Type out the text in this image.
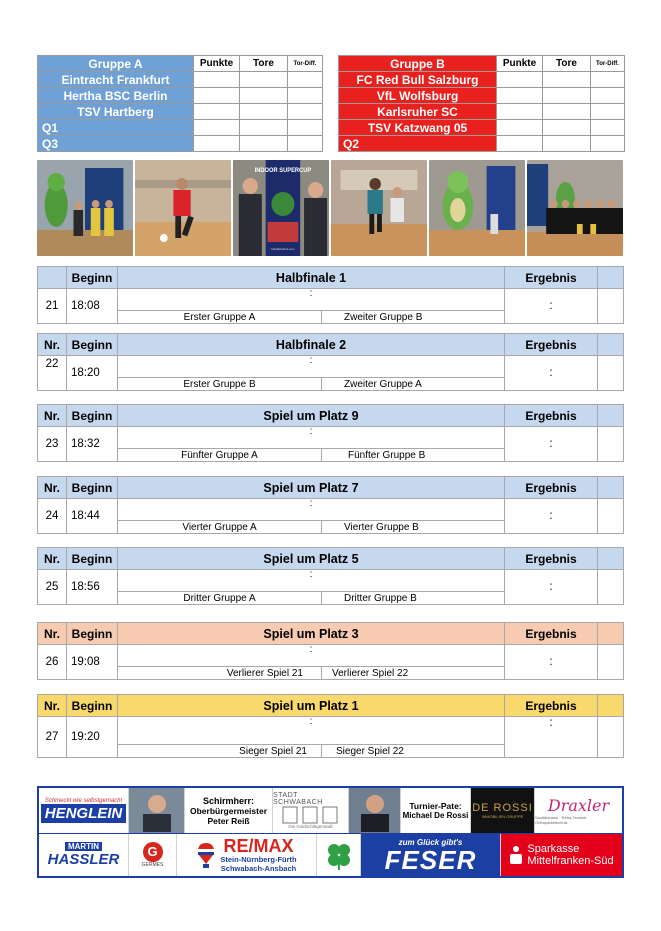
Gruppe A	Punkte	Tore	Tor-Diff.
Eintracht Frankfurt			
Hertha BSC Berlin			
TSV Hartberg			
Q1			
Q3			
Gruppe B	Punkte	Tore	Tor-Diff.
FC Red Bull Salzburg			
VfL Wolfsburg			
Karlsruher SC			
TSV Katzwang 05			
Q2			
INDOOR SUPERCUP
futballsfutrina.com
	Beginn	Halbfinale 1		Ergebnis	
21	18:08	:		:	
		Erster Gruppe A	Zweiter Gruppe B		
Nr.	Beginn	Halbfinale 2		Ergebnis	
22	18:20	:		:	
		Erster Gruppe B	Zweiter Gruppe A		
Nr.	Beginn	Spiel um Platz 9		Ergebnis	
23	18:32	:		:	
		Fünfter Gruppe A	Fünfter Gruppe B		
Nr.	Beginn	Spiel um Platz 7		Ergebnis	
24	18:44	:		:	
		Vierter Gruppe A	Vierter Gruppe B		
Nr.	Beginn	Spiel um Platz 5		Ergebnis	
25	18:56	:		:	
		Dritter Gruppe A	Dritter Gruppe B		
Nr.	Beginn	Spiel um Platz 3		Ergebnis	
26	19:08	:		:	
		Verlierer Spiel 21	Verlierer Spiel 22		
Nr.	Beginn	Spiel um Platz 1		Ergebnis	
27	19:20	:		:	
		Sieger Spiel 21	Sieger Spiel 22		
Schmeckt wie selbstgemacht
HENGLEIN
Schirmherr:
Oberbürgermeister
Peter Reiß
STADT SCHWABACH
Die Goldschlägerstadt
Turnier-Pate:
Michael De Rossi
DE ROSSI
IMMOBILIEN GRUPPE
Draxler
Sanitätshaus · Reha-Technik · Orthopädietechnik
MARTIN
HASSLER	G
GERMES
RE/MAX
Stein-Nürnberg-Fürth
Schwabach-Ansbach
zum Glück gibt's
FESER	Sparkasse
Mittelfranken-Süd
